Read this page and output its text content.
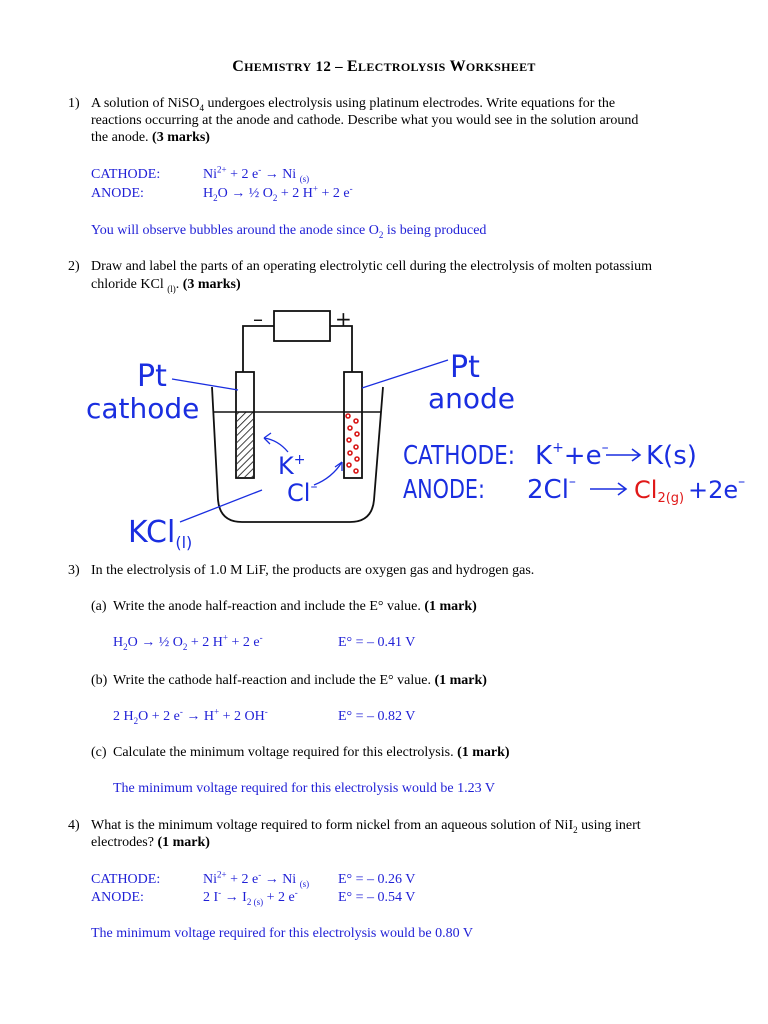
CHEMISTRY 12 – ELECTROLYSIS WORKSHEET
1) A solution of NiSO$_4$ undergoes electrolysis using platinum electrodes. Write equations for the
reactions occurring at the anode and cathode. Describe what you would see in the solution around
the anode. (3 marks)
CATHODE:	$Ni^{2+} + 2$ e- → Ni $_{(s)}$
ANODE:	$H_2O$ → ½ $O_2 + 2$ H+ + 2 e-
You will observe bubbles around the anode since $O_2$ is being produced
2) Draw and label the parts of an operating electrolytic cell during the electrolysis of molten potassium
chloride KCl $_{(l)}$. (3 marks)
–	+
Pt
cathode
Pt
anode
K+
Cl–
KCl$_{(l)}$
CATHODE: K++e– K(s)
ANODE: 2Cl–	+2e–
Cl2(g)
3) In the electrolysis of 1.0 M LiF, the products are oxygen gas and hydrogen gas.
(a) Write the anode half-reaction and include the E° value. (1 mark)
$H_2O$ → ½ $O_2 + 2$ H+ + 2 e-	E° = – 0.41 V
(b) Write the cathode half-reaction and include the E° value. (1 mark)
2 $H_2O + 2$ e- → H+ + 2 OH-	E° = – 0.82 V
(c) Calculate the minimum voltage required for this electrolysis. (1 mark)
The minimum voltage required for this electrolysis would be 1.23 V
4) What is the minimum voltage required to form nickel from an aqueous solution of NiI$_2$ using inert
electrodes? (1 mark)
CATHODE:	$Ni^{2+} + 2$ e- → Ni $_{(s)}$ E° = – 0.26 V
ANODE:	2 $I^- \to I_{2 (s)} + 2$ e-	E° = – 0.54 V
The minimum voltage required for this electrolysis would be 0.80 V
